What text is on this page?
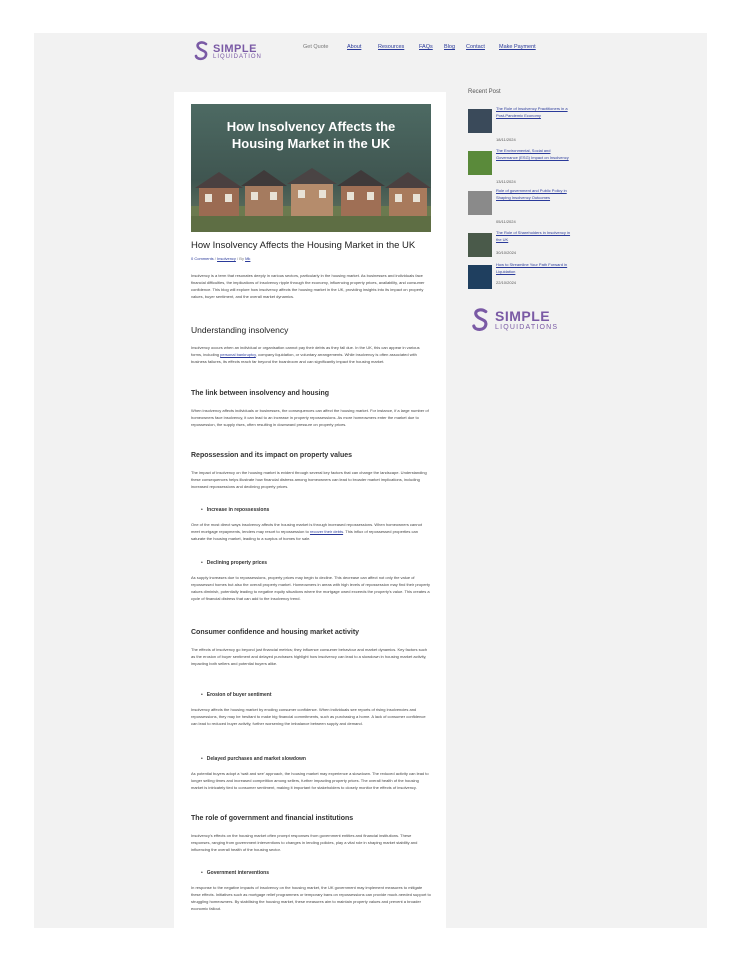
SIMPLE
LIQUIDATION
Get Quote	About	Resources	FAQs Blog Contact	Make Payment
How Insolvency Affects the Housing Market in the UK
How Insolvency Affects the Housing Market in the UK
0 Comments / Insolvency / By Mk
Insolvency is a term that resonates deeply in various sectors, particularly in the housing market. As businesses and individuals face financial difficulties, the implications of insolvency ripple through the economy, influencing property prices, availability, and consumer confidence. This blog will explore how insolvency affects the housing market in the UK, providing insights into its impact on property values, buyer sentiment, and the overall market dynamics.
Understanding insolvency
Insolvency occurs when an individual or organisation cannot pay their debts as they fall due. In the UK, this can appear in various forms, including personal bankruptcy, company liquidation, or voluntary arrangements. While insolvency is often associated with business failures, its effects reach far beyond the boardroom and can significantly impact the housing market.
The link between insolvency and housing
When insolvency affects individuals or businesses, the consequences can affect the housing market. For instance, if a large number of homeowners face insolvency, it can lead to an increase in property repossessions. As more homeowners enter the market due to repossession, the supply rises, often resulting in downward pressure on property prices.
Repossession and its impact on property values
The impact of insolvency on the housing market is evident through several key factors that can change the landscape. Understanding these consequences helps illustrate how financial distress among homeowners can lead to broader market implications, including increased repossessions and declining property prices.
• Increase in repossessions
One of the most direct ways insolvency affects the housing market is through increased repossessions. When homeowners cannot meet mortgage repayments, lenders may resort to repossession to recover their debts. This influx of repossessed properties can saturate the housing market, leading to a surplus of homes for sale.
• Declining property prices
As supply increases due to repossessions, property prices may begin to decline. This decrease can affect not only the value of repossessed homes but also the overall property market. Homeowners in areas with high levels of repossession may find their property values diminish, potentially leading to negative equity situations where the mortgage owed exceeds the property's value. This creates a cycle of financial distress that can add to the insolvency trend.
Consumer confidence and housing market activity
The effects of insolvency go beyond just financial metrics; they influence consumer behaviour and market dynamics. Key factors such as the erosion of buyer sentiment and delayed purchases highlight how insolvency can lead to a slowdown in housing market activity, impacting both sellers and potential buyers alike.
• Erosion of buyer sentiment
Insolvency affects the housing market by eroding consumer confidence. When individuals see reports of rising insolvencies and repossessions, they may be hesitant to make big financial commitments, such as purchasing a home. A lack of consumer confidence can lead to reduced buyer activity, further worsening the imbalance between supply and demand.
• Delayed purchases and market slowdown
As potential buyers adopt a 'wait and see' approach, the housing market may experience a slowdown. The reduced activity can lead to longer selling times and increased competition among sellers, further impacting property prices. The overall health of the housing market is intricately tied to consumer sentiment, making it important for stakeholders to closely monitor the effects of insolvency.
The role of government and financial institutions
Insolvency's effects on the housing market often prompt responses from government entities and financial institutions. These responses, ranging from government interventions to changes in lending policies, play a vital role in shaping market stability and influencing the overall health of the housing sector.
• Government interventions
In response to the negative impacts of insolvency on the housing market, the UK government may implement measures to mitigate these effects. Initiatives such as mortgage relief programmes or temporary bans on repossessions can provide much-needed support to struggling homeowners. By stabilising the housing market, these measures aim to maintain property values and prevent a broader economic fallout.
Recent Post
The Role of Insolvency Practitioners in a Post-Pandemic Economy
18/11/2024
The Environmental, Social and Governance (ESG) Impact on Insolvency
13/11/2024
Role of government and Public Policy in Shaping Insolvency Outcomes
05/11/2024
The Role of Shareholders in Insolvency in the UK
30/10/2024
How to Streamline Your Path Forward in Liquidation
22/10/2024
SIMPLE
LIQUIDATIONS
